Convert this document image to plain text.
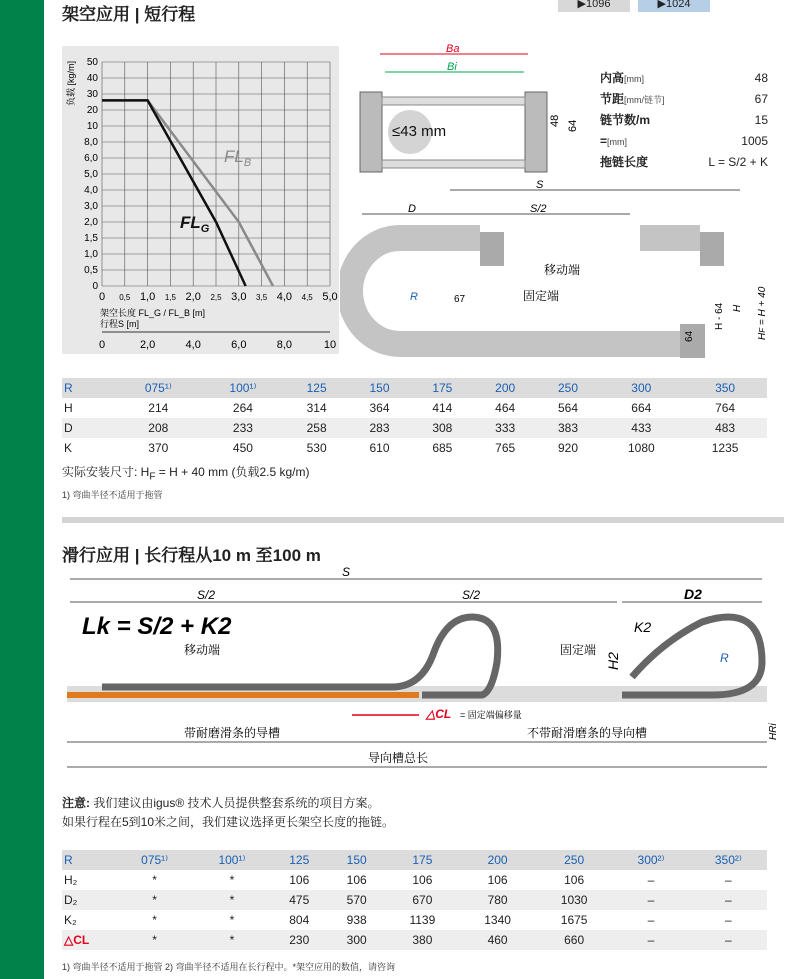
架空应用 | 短行程
▶1096	▶1024
0
0,5
1,0
1,5
2,0
3,0
4,0
5,0
6,0
8,0
10
20
30
40
50
0 0,5 1,0 1,5 2,0 2,5 3,0 3,5 4,0 4,5 5,0
0	2,0	4,0	6,0	8,0	10
$FL_B$
$FL_G$
负载 [kg/m]
架空长度 FL_G / FL_B [m]
行程S [m]
Ba
Bi
≤43 mm
48 64
S
D	S/2
移动端
固定端
R	67
H - 64 H
HF = H + 40
64
内高[mm]	48
节距[mm/链节]	67
链节数/m	15
=[mm]	1005
拖链长度	L = S/2 + K
R	075¹⁾	100¹⁾	125	150	175	200	250	300	350
H	214	264	314	364	414	464	564	664	764
D	208	233	258	283	308	333	383	433	483
K	370	450	530	610	685	765	920	1080	1235
实际安装尺寸: $H_F = H + 40$ mm (负载2.5 kg/m)
1) 弯曲半径不适用于拖管
滑行应用 | 长行程从10 m 至100 m
S
S/2	S/2	D2
Lk = S/2 + K2
移动端	固定端
K2
H2	R
△CL = 固定端偏移量
带耐磨滑条的导槽	不带耐滑磨条的导向槽
导向槽总长
HRi
注意: 我们建议由igus® 技术人员提供整套系统的项目方案。
如果行程在5到10米之间，我们建议选择更长架空长度的拖链。
R	075¹⁾	100¹⁾	125	150	175	200	250	300²⁾	350²⁾
H₂	*	*	106	106	106	106	106	–	–
D₂	*	*	475	570	670	780	1030	–	–
K₂	*	*	804	938	1139	1340	1675	–	–
△CL	*	*	230	300	380	460	660	–	–
1) 弯曲半径不适用于拖管 2) 弯曲半径不适用在长行程中。*架空应用的数值，请咨询
